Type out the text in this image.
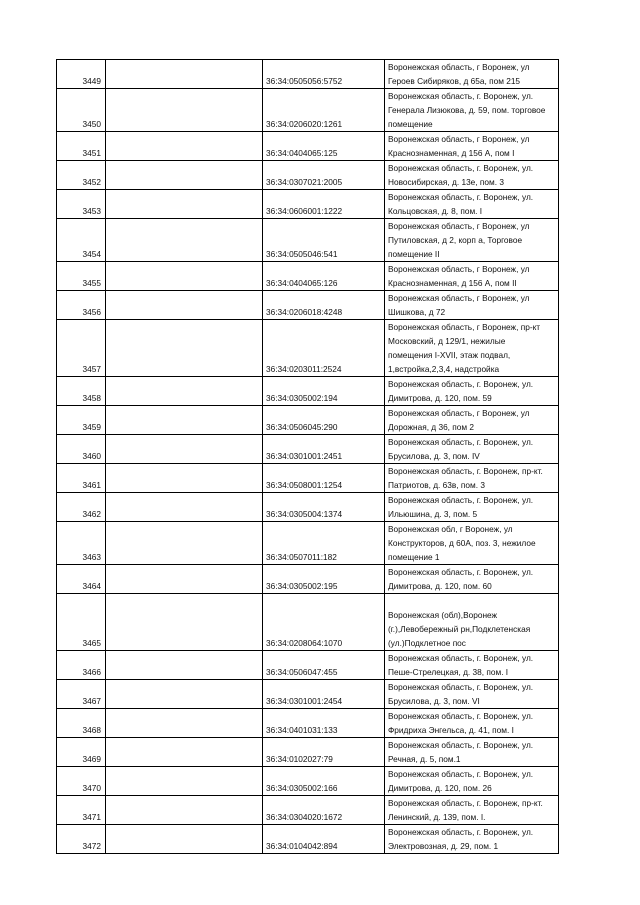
3449		36:34:0505056:5752	Воронежская область, г Воронеж, ул
Героев Сибиряков, д 65а, пом 215
3450		36:34:0206020:1261	Воронежская область, г. Воронеж, ул.
Генерала Лизюкова, д. 59, пом. торговое
помещение
3451		36:34:0404065:125	Воронежская область, г Воронеж, ул
Краснознаменная, д 156 А, пом I
3452		36:34:0307021:2005	Воронежская область, г. Воронеж, ул.
Новосибирская, д. 13е, пом. 3
3453		36:34:0606001:1222	Воронежская область, г. Воронеж, ул.
Кольцовская, д. 8, пом. I
3454		36:34:0505046:541	Воронежская область, г Воронеж, ул
Путиловская, д 2, корп а, Торговое
помещение II
3455		36:34:0404065:126	Воронежская область, г Воронеж, ул
Краснознаменная, д 156 А, пом II
3456		36:34:0206018:4248	Воронежская область, г Воронеж, ул
Шишкова, д 72
3457		36:34:0203011:2524	Воронежская область, г Воронеж, пр-кт
Московский, д 129/1, нежилые
помещения I-XVII, этаж подвал,
1,встройка,2,3,4, надстройка
3458		36:34:0305002:194	Воронежская область, г. Воронеж, ул.
Димитрова, д. 120, пом. 59
3459		36:34:0506045:290	Воронежская область, г Воронеж, ул
Дорожная, д 36, пом 2
3460		36:34:0301001:2451	Воронежская область, г. Воронеж, ул.
Брусилова, д. 3, пом. IV
3461		36:34:0508001:1254	Воронежская область, г. Воронеж, пр-кт.
Патриотов, д. 63в, пом. 3
3462		36:34:0305004:1374	Воронежская область, г. Воронеж, ул.
Ильюшина, д. 3, пом. 5
3463		36:34:0507011:182	Воронежская обл, г Воронеж, ул
Конструкторов, д 60А, поз. 3, нежилое
помещение 1
3464		36:34:0305002:195	Воронежская область, г. Воронеж, ул.
Димитрова, д. 120, пом. 60
3465		36:34:0208064:1070	Воронежская (обл),Воронеж
(г.),Левобережный рн,Подклетенская
(ул.)Подклетное пос
3466		36:34:0506047:455	Воронежская область, г. Воронеж, ул.
Пеше-Стрелецкая, д. 38, пом. I
3467		36:34:0301001:2454	Воронежская область, г. Воронеж, ул.
Брусилова, д. 3, пом. VI
3468		36:34:0401031:133	Воронежская область, г. Воронеж, ул.
Фридриха Энгельса, д. 41, пом. I
3469		36:34:0102027:79	Воронежская область, г. Воронеж, ул.
Речная, д. 5, пом.1
3470		36:34:0305002:166	Воронежская область, г. Воронеж, ул.
Димитрова, д. 120, пом. 26
3471		36:34:0304020:1672	Воронежская область, г. Воронеж, пр-кт.
Ленинский, д. 139, пом. I.
3472		36:34:0104042:894	Воронежская область, г. Воронеж, ул.
Электровозная, д. 29, пом. 1
